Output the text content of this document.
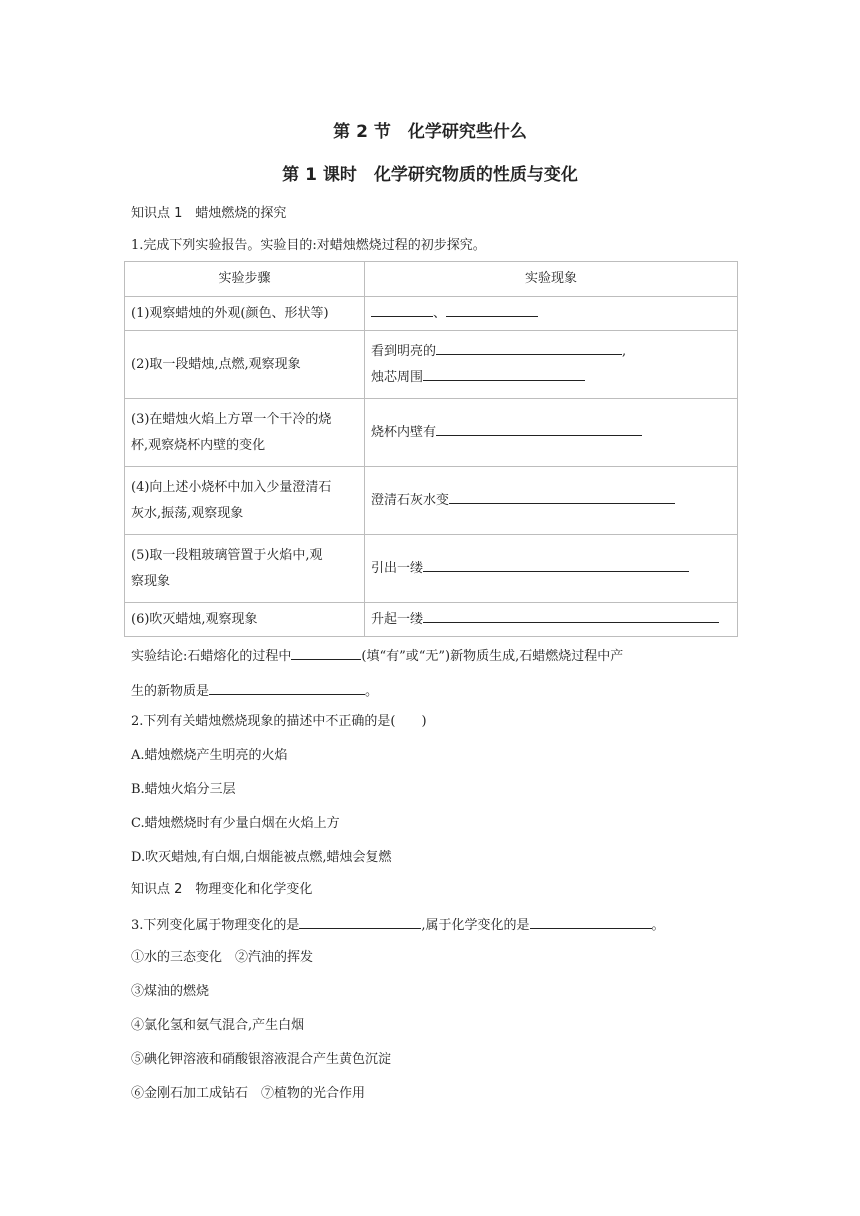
第 2 节　化学研究些什么
第 1 课时　化学研究物质的性质与变化
知识点 1　蜡烛燃烧的探究
1.完成下列实验报告。实验目的:对蜡烛燃烧过程的初步探究。
实验步骤	实验现象
(1)观察蜡烛的外观(颜色、形状等)	、
(2)取一段蜡烛,点燃,观察现象	看到明亮的 ,
烛芯周围

(3)在蜡烛火焰上方罩一个干冷的烧
杯,观察烧杯内壁的变化	烧杯内壁有

(4)向上述小烧杯中加入少量澄清石
灰水,振荡,观察现象	澄清石灰水变

(5)取一段粗玻璃管置于火焰中,观
察现象	引出一缕
(6)吹灭蜡烛,观察现象	升起一缕
实验结论:石蜡熔化的过程中	(填“有”或“无”)新物质生成,石蜡燃烧过程中产
生的新物质是	。
2.下列有关蜡烛燃烧现象的描述中不正确的是(　　)
A.蜡烛燃烧产生明亮的火焰
B.蜡烛火焰分三层
C.蜡烛燃烧时有少量白烟在火焰上方
D.吹灭蜡烛,有白烟,白烟能被点燃,蜡烛会复燃
知识点 2　物理变化和化学变化
3.下列变化属于物理变化的是	,属于化学变化的是	。
①水的三态变化　②汽油的挥发
③煤油的燃烧
④氯化氢和氨气混合,产生白烟
⑤碘化钾溶液和硝酸银溶液混合产生黄色沉淀
⑥金刚石加工成钻石　⑦植物的光合作用
